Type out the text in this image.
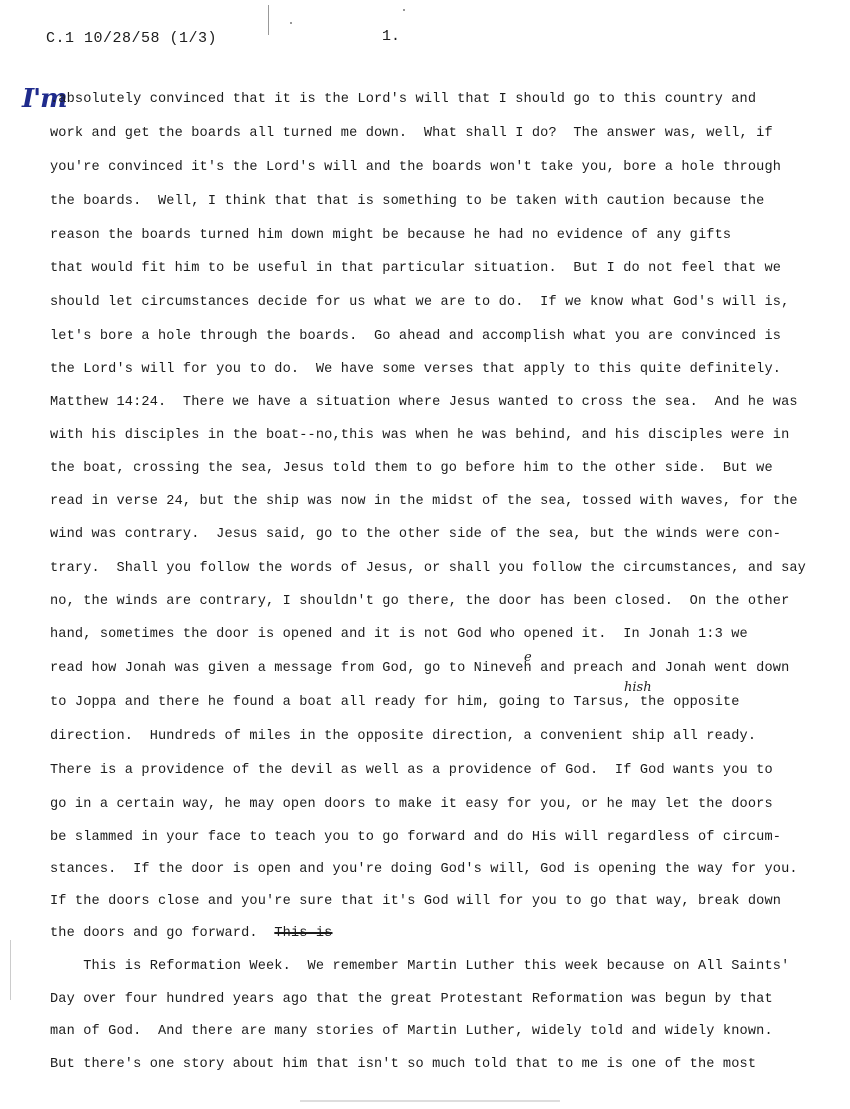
C.1 10/28/58 (1/3)	1.
I'm
.absolutely convinced that it is the Lord's will that I should go to this country and
work and get the boards all turned me down.  What shall I do?  The answer was, well, if
you're convinced it's the Lord's will and the boards won't take you, bore a hole through
the boards.  Well, I think that that is something to be taken with caution because the
reason the boards turned him down might be because he had no evidence of any gifts
that would fit him to be useful in that particular situation.  But I do not feel that we
should let circumstances decide for us what we are to do.  If we know what God's will is,
let's bore a hole through the boards.  Go ahead and accomplish what you are convinced is
the Lord's will for you to do.  We have some verses that apply to this quite definitely.
Matthew 14:24.  There we have a situation where Jesus wanted to cross the sea.  And he was
with his disciples in the boat--no,this was when he was behind, and his disciples were in
the boat, crossing the sea, Jesus told them to go before him to the other side.  But we
read in verse 24, but the ship was now in the midst of the sea, tossed with waves, for the
wind was contrary.  Jesus said, go to the other side of the sea, but the winds were con-
trary.  Shall you follow the words of Jesus, or shall you follow the circumstances, and say
no, the winds are contrary, I shouldn't go there, the door has been closed.  On the other
hand, sometimes the door is opened and it is not God who opened it.  In Jonah 1:3 we
read how Jonah was given a message from God, go to Nineveh and preach and Jonah went down
to Joppa and there he found a boat all ready for him, going to Tarsus, the opposite
direction.  Hundreds of miles in the opposite direction, a convenient ship all ready.
There is a providence of the devil as well as a providence of God.  If God wants you to
go in a certain way, he may open doors to make it easy for you, or he may let the doors
be slammed in your face to teach you to go forward and do His will regardless of circum-
stances.  If the door is open and you're doing God's will, God is opening the way for you.
If the doors close and you're sure that it's God will for you to go that way, break down
the doors and go forward. This is
This is Reformation Week.  We remember Martin Luther this week because on All Saints'
Day over four hundred years ago that the great Protestant Reformation was begun by that
man of God.  And there are many stories of Martin Luther, widely told and widely known.
But there's one story about him that isn't so much told that to me is one of the most
e
hish
